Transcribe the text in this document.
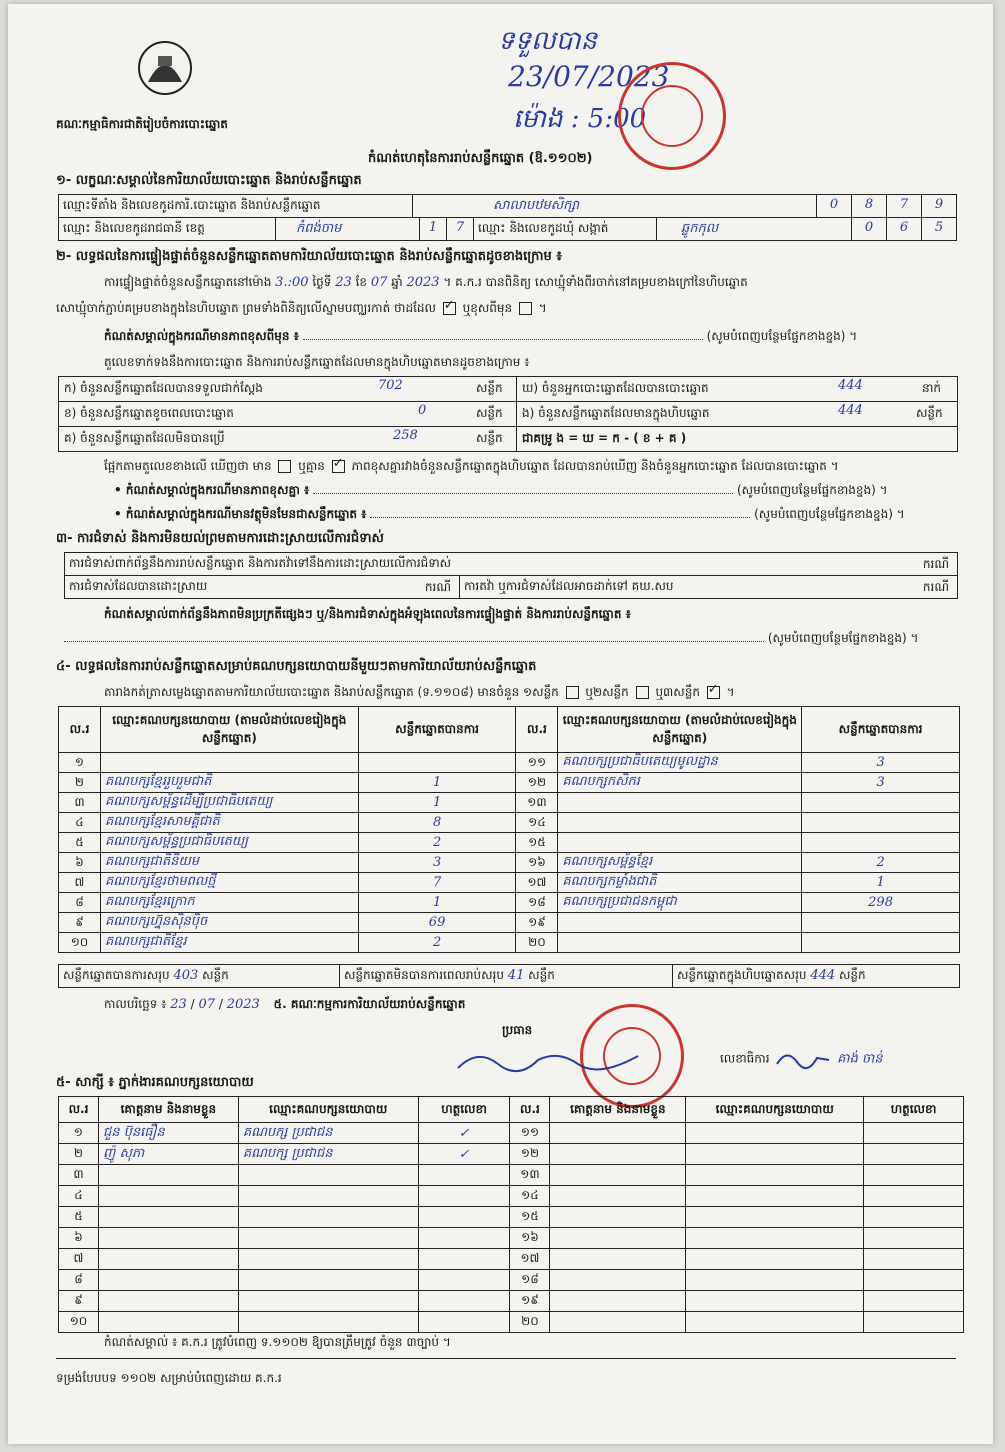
គណៈកម្មាធិការជាតិរៀបចំការបោះឆ្នោត
ទទួលបាន
23/07/2023
ម៉ោង : 5:00
កំណត់ហេតុនៃការរាប់សន្លឹកឆ្នោត (ឱ.១១០២)
១- លក្ខណៈសម្គាល់នៃការិយាល័យបោះឆ្នោត និងរាប់សន្លឹកឆ្នោត
ឈ្មោះទីតាំង និងលេខកូដការិ.បោះឆ្នោត និងរាប់សន្លឹកឆ្នោត	សាលាបឋមសិក្សា	0	8	7	9
ឈ្មោះ និងលេខកូដរាជធានី ខេត្ត	កំពង់ចាម	1	7	ឈ្មោះ និងលេខកូដឃុំ សង្កាត់	ឆ្លូកកុល	0	6	5
២- លទ្ធផលនៃការផ្ទៀងផ្ទាត់ចំនួនសន្លឹកឆ្នោតតាមការិយាល័យបោះឆ្នោត និងរាប់សន្លឹកឆ្នោតដូចខាងក្រោម ៖
ការផ្ទៀងផ្ទាត់ចំនួនសន្លឹកឆ្នោតនៅម៉ោង 3.:00 ថ្ងៃទី 23 ខែ 07 ឆ្នាំ 2023 ។ គ.ក.រ បានពិនិត្យ សោឃ្មុំទាំងពីរចាក់នៅគម្របខាងក្រៅនៃហិបឆ្នោត
សោឃ្មុំចាក់ភ្ជាប់គម្របខាងក្នុងនៃហិបឆ្នោត ព្រមទាំងពិនិត្យលើស្នាមបញ្ឈរកាត់ ថាដដែល ✓ ឬខុសពីមុន  ។
កំណត់សម្គាល់ក្នុងករណីមានភាពខុសពីមុន ៖	(សូមបំពេញបន្ថែមផ្នែកខាងខ្នង) ។
តួលេខទាក់ទងនឹងការបោះឆ្នោត និងការរាប់សន្លឹកឆ្នោតដែលមានក្នុងហិបឆ្នោតមានដូចខាងក្រោម ៖
ក) ចំនួនសន្លឹកឆ្នោតដែលបានទទួលជាក់ស្តែង	702	សន្លឹក
ខ) ចំនួនសន្លឹកឆ្នោតខូចពេលបោះឆ្នោត	0	សន្លឹក
គ) ចំនួនសន្លឹកឆ្នោតដែលមិនបានប្រើ	258	សន្លឹក
ឃ) ចំនួនអ្នកបោះឆ្នោតដែលបានបោះឆ្នោត	444	នាក់
ង) ចំនួនសន្លឹកឆ្នោតដែលមានក្នុងហិបឆ្នោត	444	សន្លឹក
ជាគម្រូ ង = ឃ = ក - ( ខ + គ )
ផ្អែកតាមតួលេខខាងលើ ឃើញថា មាន ឬគ្មាន ✓ ភាពខុសគ្នារវាងចំនួនសន្លឹកឆ្នោតក្នុងហិបឆ្នោត ដែលបានរាប់ឃើញ និងចំនួនអ្នកបោះឆ្នោត ដែលបានបោះឆ្នោត ។
• កំណត់សម្គាល់ក្នុងករណីមានភាពខុសគ្នា ៖	(សូមបំពេញបន្ថែមផ្នែកខាងខ្នង) ។
• កំណត់សម្គាល់ក្នុងករណីមានវត្ថុមិនមែនជាសន្លឹកឆ្នោត ៖	(សូមបំពេញបន្ថែមផ្នែកខាងខ្នង) ។
៣- ការជំទាស់ និងការមិនយល់ព្រមតាមការដោះស្រាយលើការជំទាស់
ការជំទាស់ពាក់ព័ន្ធនឹងការរាប់សន្លឹកឆ្នោត និងការតវ៉ាទៅនឹងការដោះស្រាយលើការជំទាស់	ករណី
ការជំទាស់ដែលបានដោះស្រាយ	ករណី	ការតវ៉ា ឬការជំទាស់ដែលអាចដាក់ទៅ គឃ.សប	ករណី
កំណត់សម្គាល់ពាក់ព័ន្ធនឹងភាពមិនប្រក្រតីផ្សេងៗ ឬ/និងការជំទាស់ក្នុងអំឡុងពេលនៃការផ្ទៀងផ្ទាត់ និងការរាប់សន្លឹកឆ្នោត ៖
(សូមបំពេញបន្ថែមផ្នែកខាងខ្នង) ។
៤- លទ្ធផលនៃការរាប់សន្លឹកឆ្នោតសម្រាប់គណបក្សនយោបាយនីមួយៗតាមការិយាល័យរាប់សន្លឹកឆ្នោត
តារាងកត់ត្រាសម្លេងឆ្នោតតាមការិយាល័យបោះឆ្នោត និងរាប់សន្លឹកឆ្នោត (ទ.១១០៨) មានចំនួន ១សន្លឹក ឬ២សន្លឹក ឬ៣សន្លឹក ✓ ។
ល.រ	ឈ្មោះគណបក្សនយោបាយ (តាមលំដាប់លេខរៀងក្នុងសន្លឹកឆ្នោត)	សន្លឹកឆ្នោតបានការ	ល.រ	ឈ្មោះគណបក្សនយោបាយ (តាមលំដាប់លេខរៀងក្នុងសន្លឹកឆ្នោត)	សន្លឹកឆ្នោតបានការ
១			១១	គណបក្សប្រជាធិបតេយ្យមូលដ្ឋាន	3
២	គណបក្សខ្មែររួបរួមជាតិ	1	១២	គណបក្សកសិករ	3
៣	គណបក្សសម្ព័ន្ធដើម្បីប្រជាធិបតេយ្យ	1	១៣		
៤	គណបក្សខ្មែរសាមគ្គីជាតិ	8	១៤		
៥	គណបក្សសម្ព័ន្ធប្រជាធិបតេយ្យ	2	១៥		
៦	គណបក្សជាតិនិយម	3	១៦	គណបក្សសម្ព័ន្ធខ្មែរ	2
៧	គណបក្សខ្មែរថាមពលថ្មី	7	១៧	គណបក្សកម្លាំងជាតិ	1
៨	គណបក្សខ្មែរក្រោក	1	១៨	គណបក្សប្រជាជនកម្ពុជា	298
៩	គណបក្សហ្វ៊ុនស៊ិនប៉ិច	69	១៩		
១០	គណបក្សជាតិខ្មែរ	2	២០		
សន្លឹកឆ្នោតបានការសរុប 403 សន្លឹក	សន្លឹកឆ្នោតមិនបានការពេលរាប់សរុប 41 សន្លឹក	សន្លឹកឆ្នោតក្នុងហិបឆ្នោតសរុប 444 សន្លឹក
កាលបរិច្ឆេទ ៖ 23 / 07 / 2023 ៥. គណៈកម្មការការិយាល័យរាប់សន្លឹកឆ្នោត
ប្រធាន
លេខាធិការ	គាង់ ចាន់
៥- សាក្សី ៖ ភ្នាក់ងារគណបក្សនយោបាយ
ល.រ	គោត្តនាម និងនាមខ្លួន	ឈ្មោះគណបក្សនយោបាយ	ហត្ថលេខា	ល.រ	គោត្តនាម និងនាមខ្លួន	ឈ្មោះគណបក្សនយោបាយ	ហត្ថលេខា
១	ជួន ប៊ុនធឿន	គណបក្ស ប្រជាជន	✓	១១			
២	ញ៉ូ សុភា	គណបក្ស ប្រជាជន	✓	១២			
៣				១៣			
៤				១៤			
៥				១៥			
៦				១៦			
៧				១៧			
៨				១៨			
៩				១៩			
១០				២០			
កំណត់សម្គាល់ ៖ គ.ក.រ ត្រូវបំពេញ ទ.១១០២ ឱ្យបានត្រឹមត្រូវ ចំនួន ៣ច្បាប់ ។
ទម្រង់បែបបទ ១១០២ សម្រាប់បំពេញដោយ គ.ក.រ
